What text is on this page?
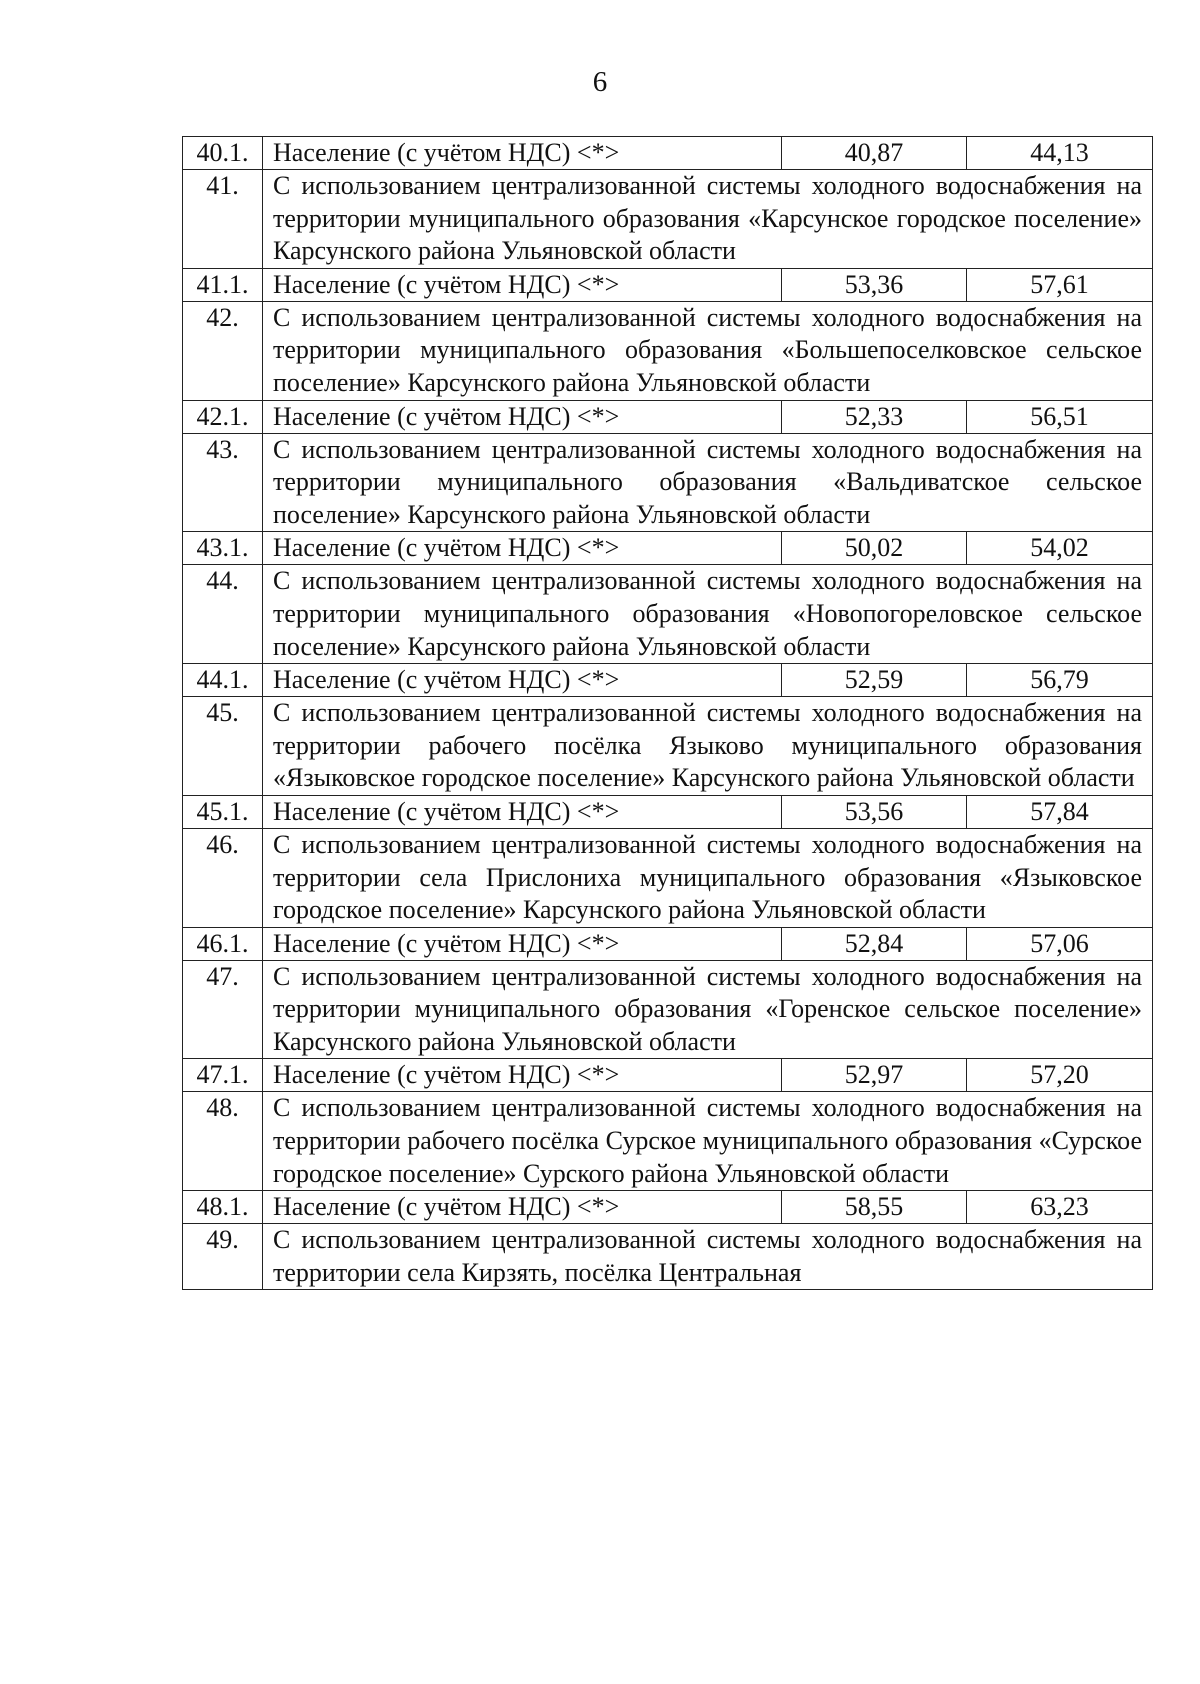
6
40.1.	Население (с учётом НДС) <*>	40,87	44,13
41.	С использованием централизованной системы холодного водоснабжения на территории муниципального образования «Карсунское городское поселение» Карсунского района Ульяновской области		
41.1.	Население (с учётом НДС) <*>	53,36	57,61
42.	С использованием централизованной системы холодного водоснабжения на территории муниципального образования «Большепоселковское сельское поселение» Карсунского района Ульяновской области		
42.1.	Население (с учётом НДС) <*>	52,33	56,51
43.	С использованием централизованной системы холодного водоснабжения на территории муниципального образования «Вальдиватское сельское поселение» Карсунского района Ульяновской области		
43.1.	Население (с учётом НДС) <*>	50,02	54,02
44.	С использованием централизованной системы холодного водоснабжения на территории муниципального образования «Новопогореловское сельское поселение» Карсунского района Ульяновской области		
44.1.	Население (с учётом НДС) <*>	52,59	56,79
45.	С использованием централизованной системы холодного водоснабжения на территории рабочего посёлка Языково муниципального образования «Языковское городское поселение» Карсунского района Ульяновской области		
45.1.	Население (с учётом НДС) <*>	53,56	57,84
46.	С использованием централизованной системы холодного водоснабжения на территории села Прислониха муниципального образования «Языковское городское поселение» Карсунского района Ульяновской области		
46.1.	Население (с учётом НДС) <*>	52,84	57,06
47.	С использованием централизованной системы холодного водоснабжения на территории муниципального образования «Горенское сельское поселение» Карсунского района Ульяновской области		
47.1.	Население (с учётом НДС) <*>	52,97	57,20
48.	С использованием централизованной системы холодного водоснабжения на территории рабочего посёлка Сурское муниципального образования «Сурское городское поселение» Сурского района Ульяновской области		
48.1.	Население (с учётом НДС) <*>	58,55	63,23
49.	С использованием централизованной системы холодного водоснабжения на территории села Кирзять, посёлка Центральная		
